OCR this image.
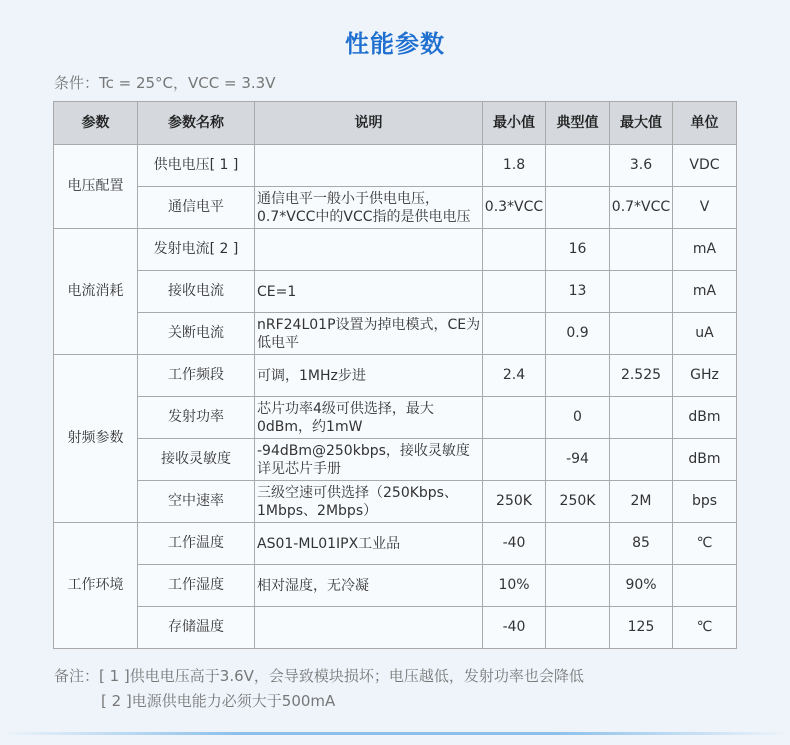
性能参数
条件：Tc = 25°C，VCC = 3.3V
参数	参数名称	说明	最小值	典型值	最大值	单位
电压配置	供电电压[ 1 ]		1.8		3.6	VDC
	通信电平	通信电平一般小于供电电压，0.7*VCC中的VCC指的是供电电压	0.3*VCC		0.7*VCC	V
电流消耗	发射电流[ 2 ]			16		mA
	接收电流	CE=1		13		mA
	关断电流	nRF24L01P设置为掉电模式，CE为低电平		0.9		uA
射频参数	工作频段	可调，1MHz步进	2.4		2.525	GHz
	发射功率	芯片功率4级可供选择，最大0dBm，约1mW		0		dBm
	接收灵敏度	-94dBm@250kbps，接收灵敏度详见芯片手册		-94		dBm
	空中速率	三级空速可供选择（250Kbps、1Mbps、2Mbps）	250K	250K	2M	bps
工作环境	工作温度	AS01-ML01IPX工业品	-40		85	℃
	工作湿度	相对湿度，无冷凝	10%		90%	
	存储温度		-40		125	℃
备注：[ 1 ]供电电压高于3.6V，会导致模块损坏；电压越低，发射功率也会降低
[ 2 ]电源供电能力必须大于500mA
